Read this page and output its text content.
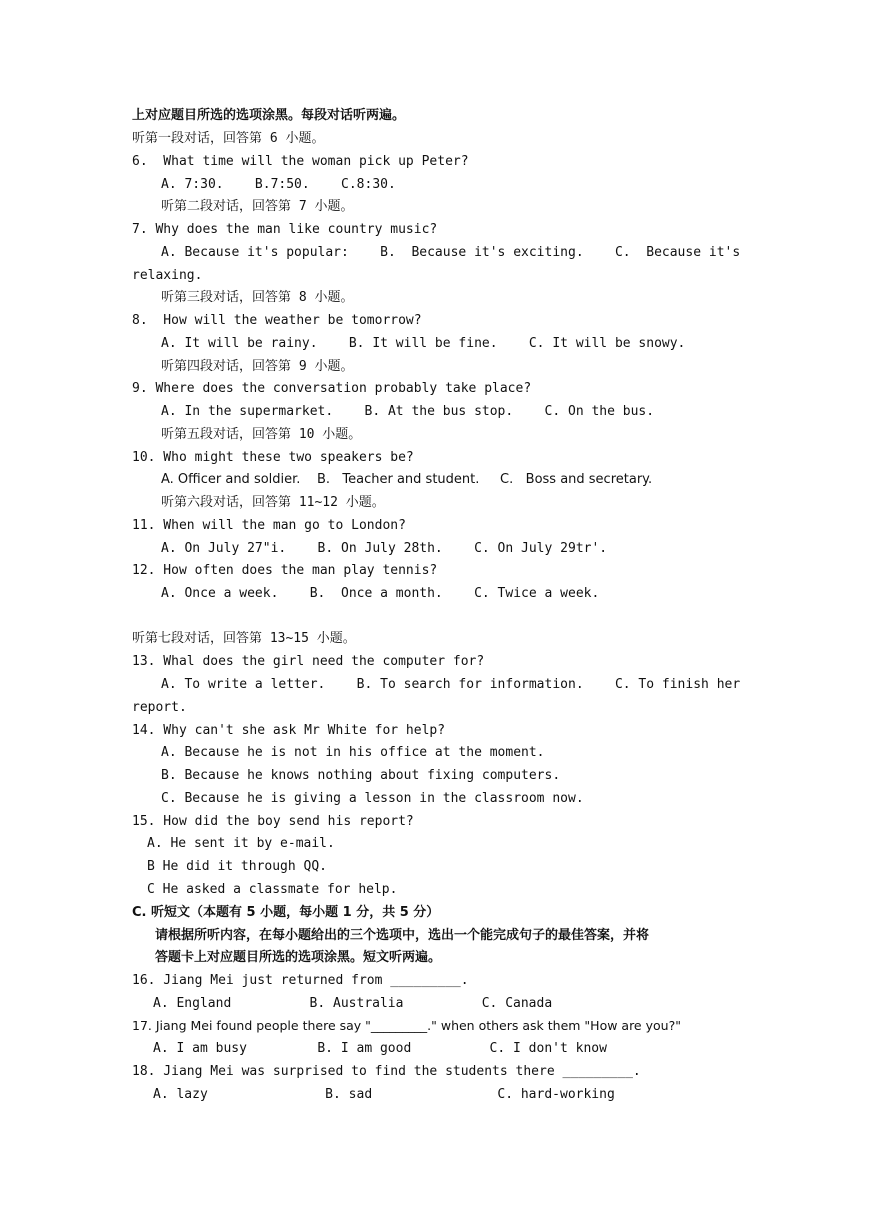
上对应题目所选的选项涂黑。每段对话听两遍。
听第一段对话，回答第 6 小题。
6.  What time will the woman pick up Peter?
A. 7:30.    B.7:50.    C.8:30.
听第二段对话，回答第 7 小题。
7. Why does the man like country music?
A. Because it's popular:    B.  Because it's exciting.    C.  Because it's
relaxing.
听第三段对话，回答第 8 小题。
8.  How will the weather be tomorrow?
A. It will be rainy.    B. It will be fine.    C. It will be snowy.
听第四段对话，回答第 9 小题。
9. Where does the conversation probably take place?
A. In the supermarket.    B. At the bus stop.    C. On the bus.
听第五段对话，回答第 10 小题。
10. Who might these two speakers be?
A. Officer and soldier.    B.   Teacher and student.     C.   Boss and secretary.
听第六段对话，回答第 11~12 小题。
11. When will the man go to London?
A. On July 27"i.    B. On July 28th.    C. On July 29tr'.
12. How often does the man play tennis?
A. Once a week.    B.  Once a month.    C. Twice a week.
听第七段对话，回答第 13~15 小题。
13. Whal does the girl need the computer for?
A. To write a letter.    B. To search for information.    C. To finish her
report.
14. Why can't she ask Mr White for help?
A. Because he is not in his office at the moment.
B. Because he knows nothing about fixing computers.
C. Because he is giving a lesson in the classroom now.
15. How did the boy send his report?
A. He sent it by e-mail.
B He did it through QQ.
C He asked a classmate for help.
C. 听短文（本题有 5 小题，每小题 1 分，共 5 分）
请根据所听内容，在每小题给出的三个选项中，选出一个能完成句子的最佳答案，并将
答题卡上对应题目所选的选项涂黑。短文听两遍。
16. Jiang Mei just returned from _________.
A. England          B. Australia          C. Canada
17. Jiang Mei found people there say "_________." when others ask them "How are you?"
A. I am busy         B. I am good          C. I don't know
18. Jiang Mei was surprised to find the students there _________.
A. lazy               B. sad                C. hard-working
